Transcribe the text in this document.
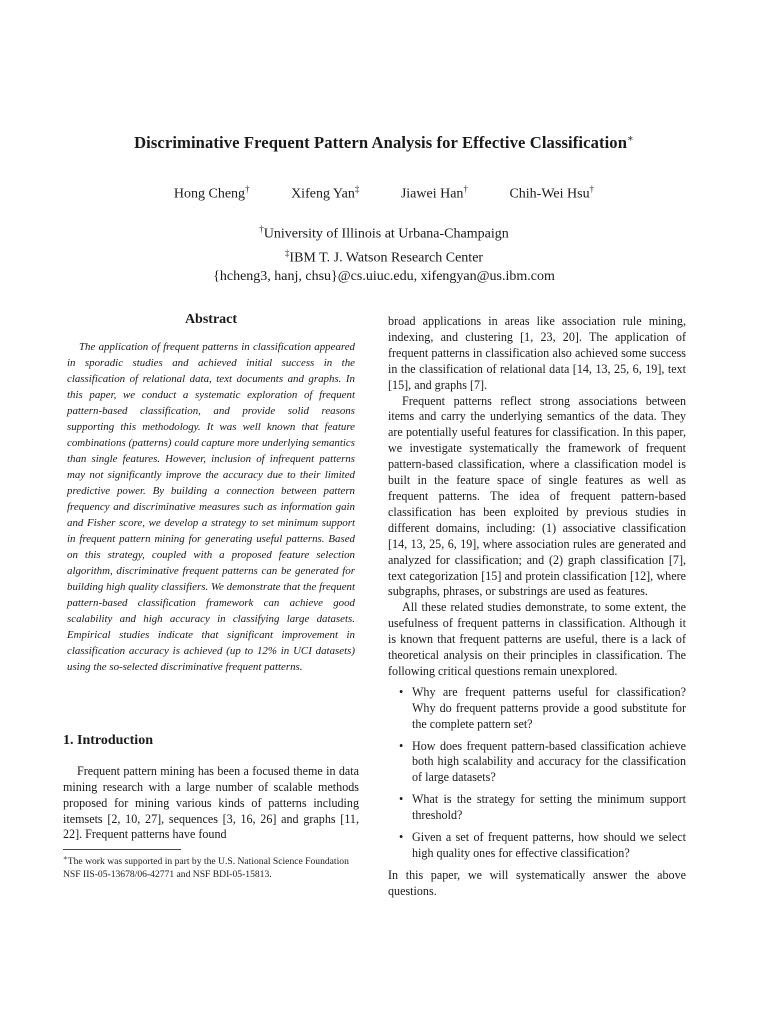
Discriminative Frequent Pattern Analysis for Effective Classification∗
Hong Cheng†	Xifeng Yan‡	Jiawei Han†	Chih-Wei Hsu†
†University of Illinois at Urbana-Champaign
‡IBM T. J. Watson Research Center
{hcheng3, hanj, chsu}@cs.uiuc.edu, xifengyan@us.ibm.com
Abstract

The application of frequent patterns in classification appeared in sporadic studies and achieved initial success in the classification of relational data, text documents and graphs. In this paper, we conduct a systematic exploration of frequent pattern-based classification, and provide solid reasons supporting this methodology. It was well known that feature combinations (patterns) could capture more underlying semantics than single features. However, inclusion of infrequent patterns may not significantly improve the accuracy due to their limited predictive power. By building a connection between pattern frequency and discriminative measures such as information gain and Fisher score, we develop a strategy to set minimum support in frequent pattern mining for generating useful patterns. Based on this strategy, coupled with a proposed feature selection algorithm, discriminative frequent patterns can be generated for building high quality classifiers. We demonstrate that the frequent pattern-based classification framework can achieve good scalability and high accuracy in classifying large datasets. Empirical studies indicate that significant improvement in classification accuracy is achieved (up to 12% in UCI datasets) using the so-selected discriminative frequent patterns.

1. Introduction

Frequent pattern mining has been a focused theme in data mining research with a large number of scalable methods proposed for mining various kinds of patterns including itemsets [2, 10, 27], sequences [3, 16, 26] and graphs [11, 22]. Frequent patterns have found

∗The work was supported in part by the U.S. National Science Foundation NSF IIS-05-13678/06-42771 and NSF BDI-05-15813.

broad applications in areas like association rule mining, indexing, and clustering [1, 23, 20]. The application of frequent patterns in classification also achieved some success in the classification of relational data [14, 13, 25, 6, 19], text [15], and graphs [7].

Frequent patterns reflect strong associations between items and carry the underlying semantics of the data. They are potentially useful features for classification. In this paper, we investigate systematically the framework of frequent pattern-based classification, where a classification model is built in the feature space of single features as well as frequent patterns. The idea of frequent pattern-based classification has been exploited by previous studies in different domains, including: (1) associative classification [14, 13, 25, 6, 19], where association rules are generated and analyzed for classification; and (2) graph classification [7], text categorization [15] and protein classification [12], where subgraphs, phrases, or substrings are used as features.

All these related studies demonstrate, to some extent, the usefulness of frequent patterns in classification. Although it is known that frequent patterns are useful, there is a lack of theoretical analysis on their principles in classification. The following critical questions remain unexplored.

• Why are frequent patterns useful for classification? Why do frequent patterns provide a good substitute for the complete pattern set?
• How does frequent pattern-based classification achieve both high scalability and accuracy for the classification of large datasets?
• What is the strategy for setting the minimum support threshold?
• Given a set of frequent patterns, how should we select high quality ones for effective classification?

In this paper, we will systematically answer the above questions.
